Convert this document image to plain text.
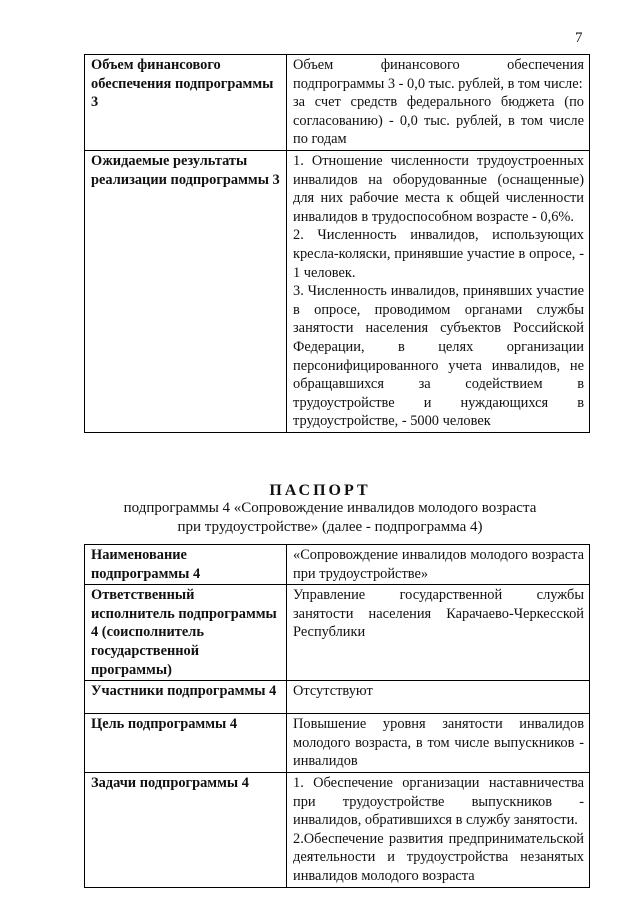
7
Объем финансового обеспечения подпрограммы 3	Объем финансового обеспечения подпрограммы 3 - 0,0 тыс. рублей, в том числе:
за счет средств федерального бюджета (по согласованию) - 0,0 тыс. рублей, в том числе по годам

Ожидаемые результаты реализации подпрограммы 3	1. Отношение численности трудоустроенных инвалидов на оборудованные (оснащенные) для них рабочие места к общей численности инвалидов в трудоспособном возрасте - 0,6%.
2. Численность инвалидов, использующих кресла-коляски, принявшие участие в опросе, - 1 человек.
3. Численность инвалидов, принявших участие в опросе, проводимом органами службы занятости населения субъектов Российской Федерации, в целях организации персонифицированного учета инвалидов, не обращавшихся за содействием в трудоустройстве и нуждающихся в трудоустройстве, - 5000 человек
ПАСПОРТ
подпрограммы 4 «Сопровождение инвалидов молодого возраста
при трудоустройстве» (далее - подпрограмма 4)
Наименование подпрограммы 4	«Сопровождение инвалидов молодого возраста при трудоустройстве»

Ответственный исполнитель подпрограммы 4 (соисполнитель государственной программы)	Управление государственной службы занятости населения Карачаево-Черкесской Республики

Участники подпрограммы 4	Отсутствуют

Цель подпрограммы 4	Повышение уровня занятости инвалидов молодого возраста, в том числе выпускников - инвалидов

Задачи подпрограммы 4	1. Обеспечение организации наставничества при трудоустройстве выпускников - инвалидов, обратившихся в службу занятости.
2.Обеспечение развития предпринимательской деятельности и трудоустройства незанятых инвалидов молодого возраста
